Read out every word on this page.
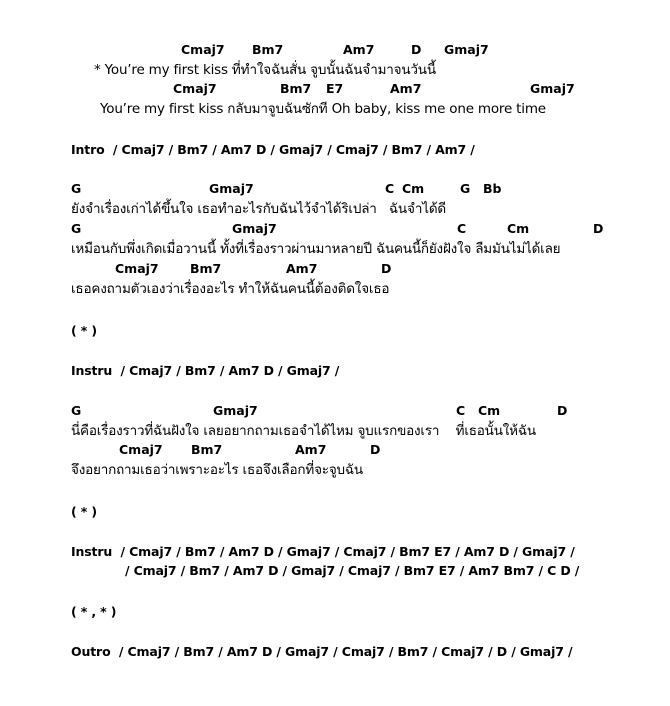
Cmaj7 Bm7	Am7	D Gmaj7
* You’re my first kiss ที่ทำใจฉันสั่น จูบนั้นฉันจำมาจนวันนี้
Cmaj7	Bm7 E7	Am7	Gmaj7
You’re my first kiss กลับมาจูบฉันซักที Oh baby, kiss me one more time
Intro  / Cmaj7 / Bm7 / Am7 D / Gmaj7 / Cmaj7 / Bm7 / Am7 /
G	Gmaj7	C Cm	G Bb
ยังจำเรื่องเก่าได้ขึ้นใจ เธอทำอะไรกับฉันไว้จำได้ริเปล่า   ฉันจำได้ดี
G	Gmaj7	C	Cm	D
เหมือนกับพึ่งเกิดเมื่อวานนี้ ทั้งที่เรื่องราวผ่านมาหลายปี ฉันคนนี้ก็ยังฝังใจ ลืมมันไม่ได้เลย
Cmaj7	Bm7	Am7	D
เธอคงถามตัวเองว่าเรื่องอะไร ทำให้ฉันคนนี้ต้องติดใจเธอ
( * )
Instru  / Cmaj7 / Bm7 / Am7 D / Gmaj7 /
G	Gmaj7	C Cm	D
นี่คือเรื่องราวที่ฉันฝังใจ เลยอยากถามเธอจำได้ไหม จูบแรกของเรา    ที่เธอนั้นให้ฉัน
Cmaj7 Bm7	Am7	D
จึงอยากถามเธอว่าเพราะอะไร เธอจึงเลือกที่จะจูบฉัน
( * )
Instru  / Cmaj7 / Bm7 / Am7 D / Gmaj7 / Cmaj7 / Bm7 E7 / Am7 D / Gmaj7 /
/ Cmaj7 / Bm7 / Am7 D / Gmaj7 / Cmaj7 / Bm7 E7 / Am7 Bm7 / C D /
( * , * )
Outro  / Cmaj7 / Bm7 / Am7 D / Gmaj7 / Cmaj7 / Bm7 / Cmaj7 / D / Gmaj7 /
